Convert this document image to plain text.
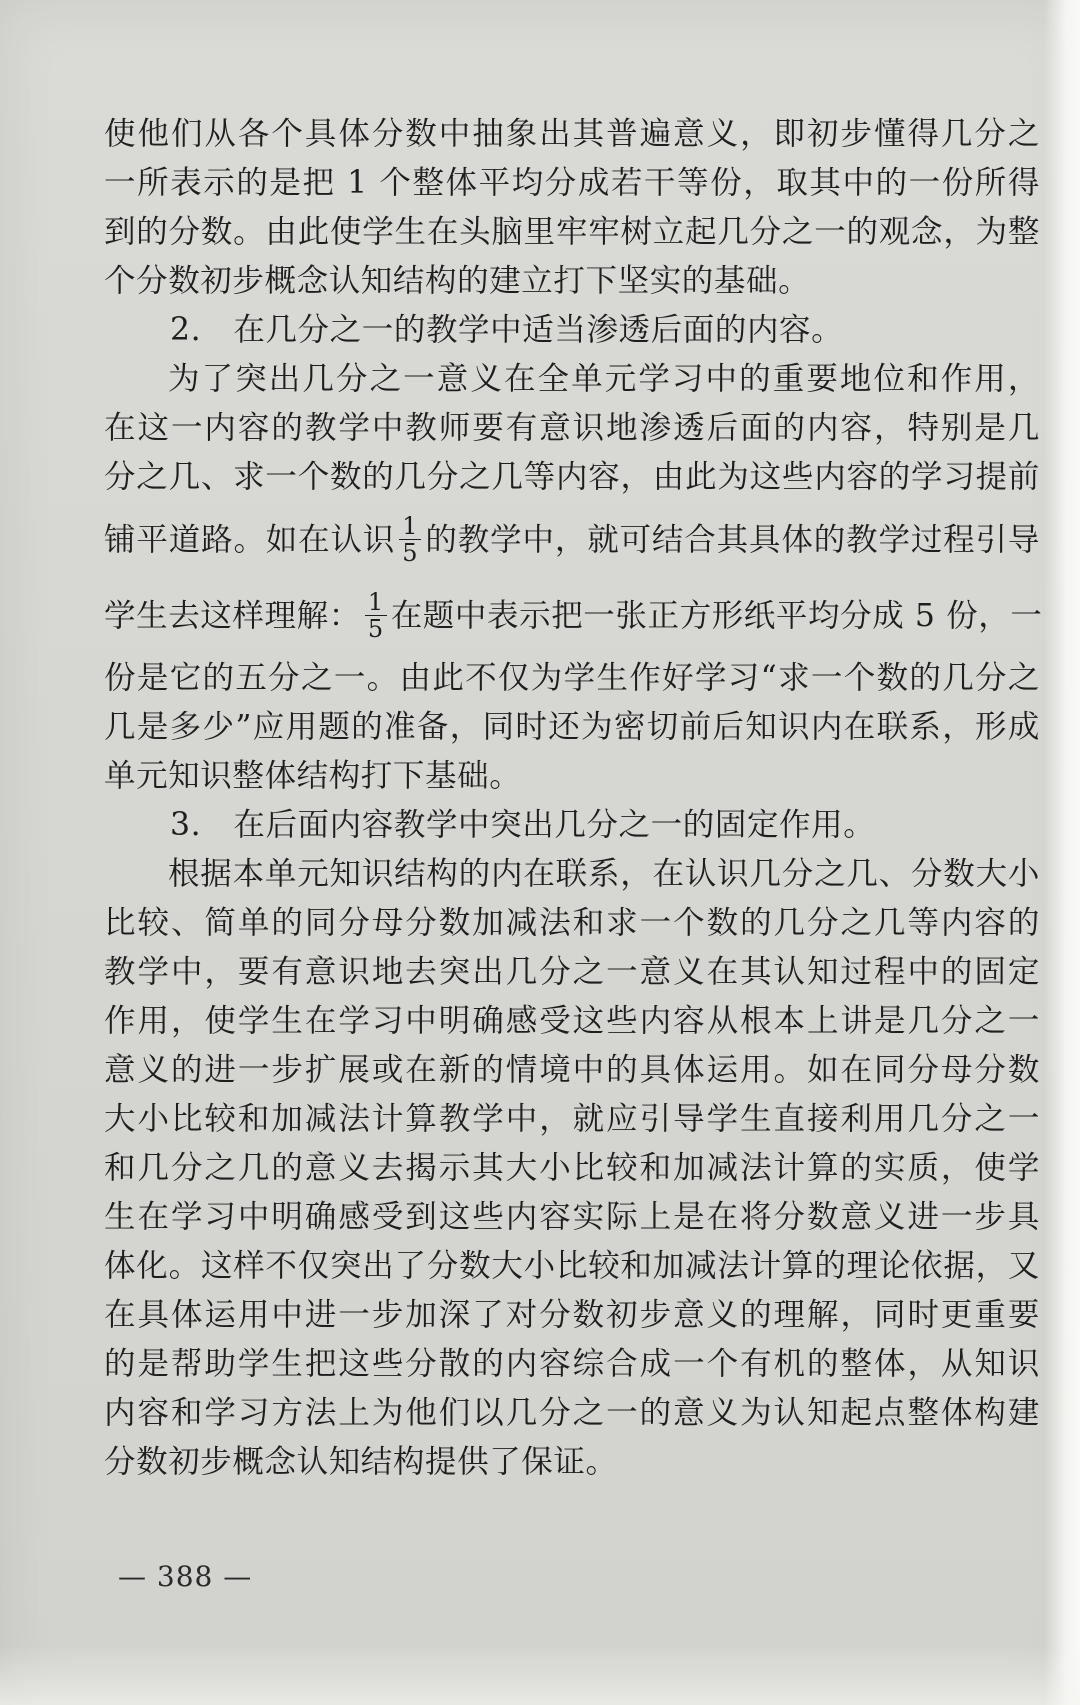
使他们从各个具体分数中抽象出其普遍意义，即初步懂得几分之
一所表示的是把 1 个整体平均分成若干等份，取其中的一份所得
到的分数。由此使学生在头脑里牢牢树立起几分之一的观念，为整
个分数初步概念认知结构的建立打下坚实的基础。
2.　在几分之一的教学中适当渗透后面的内容。
为了突出几分之一意义在全单元学习中的重要地位和作用，
在这一内容的教学中教师要有意识地渗透后面的内容，特别是几
分之几、求一个数的几分之几等内容，由此为这些内容的学习提前
铺平道路。如在认识 $\frac{1}{5}$ 的教学中，就可结合其具体的教学过程引导
学生去这样理解： $\frac{1}{5}$ 在题中表示把一张正方形纸平均分成 5 份，一
份是它的五分之一。由此不仅为学生作好学习“求一个数的几分之
几是多少”应用题的准备，同时还为密切前后知识内在联系，形成
单元知识整体结构打下基础。
3.　在后面内容教学中突出几分之一的固定作用。
根据本单元知识结构的内在联系，在认识几分之几、分数大小
比较、简单的同分母分数加减法和求一个数的几分之几等内容的
教学中，要有意识地去突出几分之一意义在其认知过程中的固定
作用，使学生在学习中明确感受这些内容从根本上讲是几分之一
意义的进一步扩展或在新的情境中的具体运用。如在同分母分数
大小比较和加减法计算教学中，就应引导学生直接利用几分之一
和几分之几的意义去揭示其大小比较和加减法计算的实质，使学
生在学习中明确感受到这些内容实际上是在将分数意义进一步具
体化。这样不仅突出了分数大小比较和加减法计算的理论依据，又
在具体运用中进一步加深了对分数初步意义的理解，同时更重要
的是帮助学生把这些分散的内容综合成一个有机的整体，从知识
内容和学习方法上为他们以几分之一的意义为认知起点整体构建
分数初步概念认知结构提供了保证。
— 388 —
